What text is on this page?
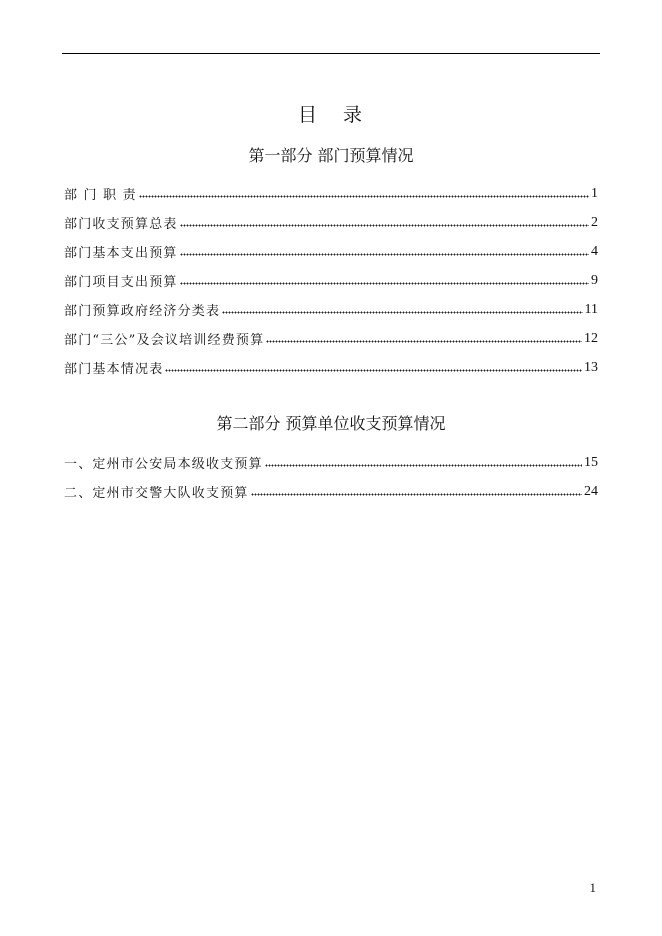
目 录
第一部分 部门预算情况
部 门 职 责	1
部门收支预算总表	2
部门基本支出预算	4
部门项目支出预算	9
部门预算政府经济分类表	11
部门“三公”及会议培训经费预算	12
部门基本情况表	13
第二部分 预算单位收支预算情况
一、定州市公安局本级收支预算	15
二、定州市交警大队收支预算	24
1
